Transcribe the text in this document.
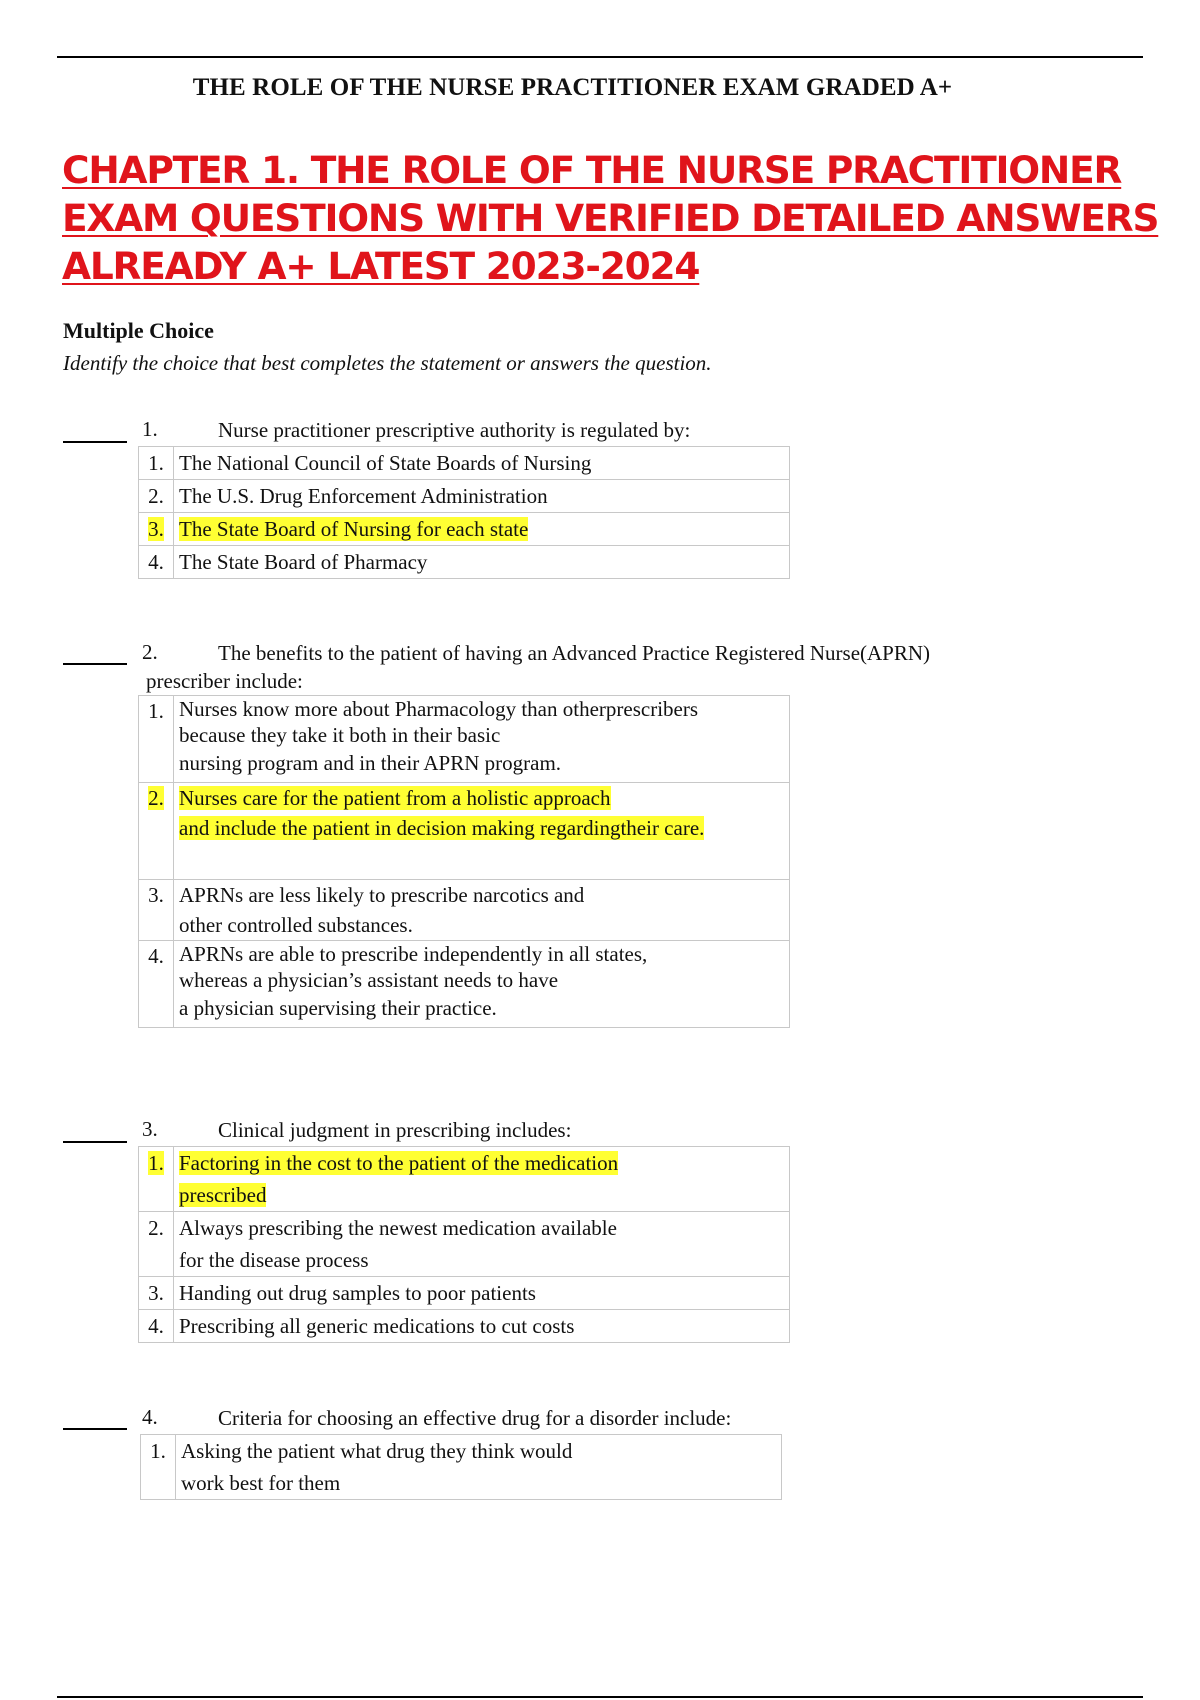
THE ROLE OF THE NURSE PRACTITIONER EXAM GRADED A+
CHAPTER 1. THE ROLE OF THE NURSE PRACTITIONER
EXAM QUESTIONS WITH VERIFIED DETAILED ANSWERS
ALREADY A+ LATEST 2023-2024
Multiple Choice
Identify the choice that best completes the statement or answers the question.
1.	Nurse practitioner prescriptive authority is regulated by:
1.	The National Council of State Boards of Nursing
2.	The U.S. Drug Enforcement Administration
3.	The State Board of Nursing for each state
4.	The State Board of Pharmacy
2.	The benefits to the patient of having an Advanced Practice Registered Nurse(APRN)
prescriber include:
1.	Nurses know more about Pharmacology than otherprescribers
because they take it both in their basic
nursing program and in their APRN program.

2.	Nurses care for the patient from a holistic approach
and include the patient in decision making regardingtheir care.

3.	APRNs are less likely to prescribe narcotics and
other controlled substances.

4.	APRNs are able to prescribe independently in all states,
whereas a physician’s assistant needs to have
a physician supervising their practice.
3.	Clinical judgment in prescribing includes:
1.	Factoring in the cost to the patient of the medication
prescribed

2.	Always prescribing the newest medication available
for the disease process

3.	Handing out drug samples to poor patients
4.	Prescribing all generic medications to cut costs
4.	Criteria for choosing an effective drug for a disorder include:
1.	Asking the patient what drug they think would
work best for them
